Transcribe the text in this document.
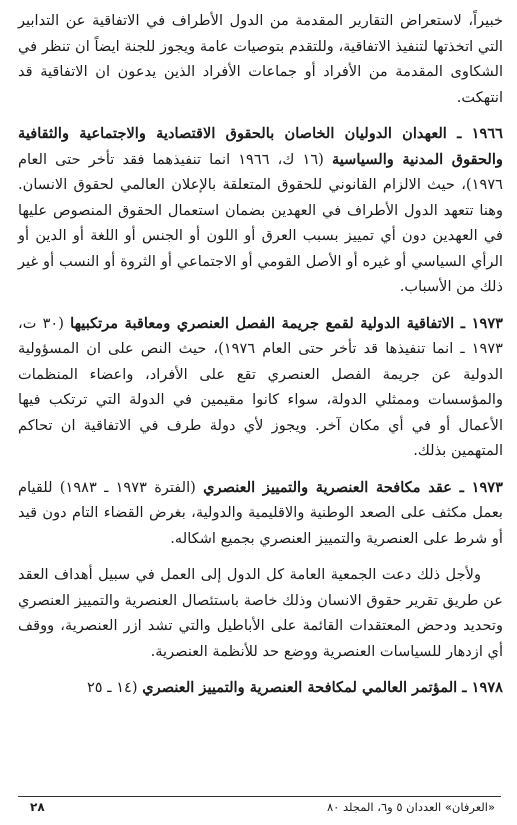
خبيراً، لاستعراض التقارير المقدمة من الدول الأطراف في الاتفاقية عن التدابير التي اتخذتها لتنفيذ الاتفاقية، وللتقدم بتوصيات عامة ويجوز للجنة ايضاً ان تنظر في الشكاوى المقدمة من الأفراد أو جماعات الأفراد الذين يدعون ان الاتفاقية قد انتهكت.

١٩٦٦ ـ العهدان الدوليان الخاصان بالحقوق الاقتصادية والاجتماعية والثقافية والحقوق المدنية والسياسية (١٦ ك، ١٩٦٦ انما تنفيذهما فقد تأخر حتى العام ١٩٧٦)، حيث الالزام القانوني للحقوق المتعلقة بالإعلان العالمي لحقوق الانسان. وهنا تتعهد الدول الأطراف في العهدين بضمان استعمال الحقوق المنصوص عليها في العهدين دون أي تمييز بسبب العرق أو اللون أو الجنس أو اللغة أو الدين أو الرأي السياسي أو غيره أو الأصل القومي أو الاجتماعي أو الثروة أو النسب أو غير ذلك من الأسباب.

١٩٧٣ ـ الاتفاقية الدولية لقمع جريمة الفصل العنصري ومعاقبة مرتكبيها (٣٠ ت، ١٩٧٣ ـ انما تنفيذها قد تأخر حتى العام ١٩٧٦)، حيث النص على ان المسؤولية الدولية عن جريمة الفصل العنصري تقع على الأفراد، واعضاء المنظمات والمؤسسات وممثلي الدولة، سواء كانوا مقيمين في الدولة التي ترتكب فيها الأعمال أو في أي مكان آخر. ويجوز لأي دولة طرف في الاتفاقية ان تحاكم المتهمين بذلك.

١٩٧٣ ـ عقد مكافحة العنصرية والتمييز العنصري (الفترة ١٩٧٣ ـ ١٩٨٣) للقيام بعمل مكثف على الصعد الوطنية والاقليمية والدولية، بغرض القضاء التام دون قيد أو شرط على العنصرية والتمييز العنصري بجميع اشكاله.

ولأجل ذلك دعت الجمعية العامة كل الدول إلى العمل في سبيل أهداف العقد عن طريق تقرير حقوق الانسان وذلك خاصة باستئصال العنصرية والتمييز العنصري وتحديد ودحض المعتقدات القائمة على الأباطيل والتي تشد ازر العنصرية، ووقف أي ازدهار للسياسات العنصرية ووضع حد للأنظمة العنصرية.

١٩٧٨ ـ المؤتمر العالمي لمكافحة العنصرية والتمييز العنصري (١٤ ـ ٢٥

«العرفان» العددان ٥ و٦، المجلد ٨٠
٢٨
